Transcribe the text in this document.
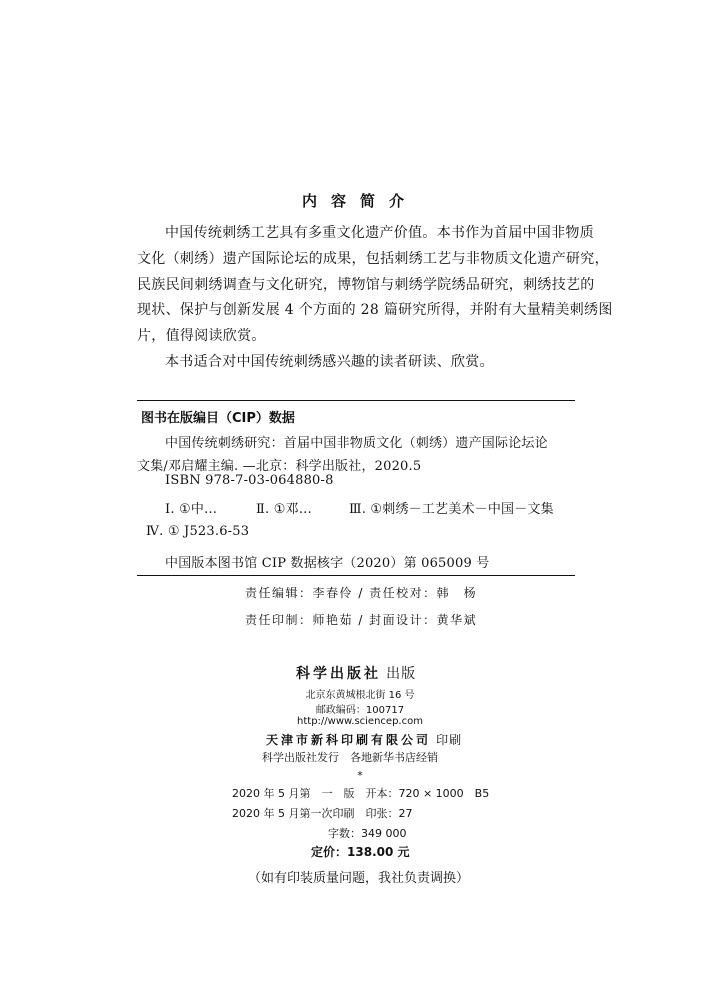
内容简介
中国传统刺绣工艺具有多重文化遗产价值。本书作为首届中国非物质
文化（刺绣）遗产国际论坛的成果，包括刺绣工艺与非物质文化遗产研究，
民族民间刺绣调查与文化研究，博物馆与刺绣学院绣品研究，刺绣技艺的
现状、保护与创新发展 4 个方面的 28 篇研究所得，并附有大量精美刺绣图
片，值得阅读欣赏。
本书适合对中国传统刺绣感兴趣的读者研读、欣赏。
图书在版编目（CIP）数据
中国传统刺绣研究：首届中国非物质文化（刺绣）遗产国际论坛论
文集/邓启耀主编. —北京：科学出版社，2020.5
ISBN 978-7-03-064880-8
Ⅰ. ①中…	Ⅱ. ①邓…	Ⅲ. ①刺绣－工艺美术－中国－文集
Ⅳ. ① J523.6-53
中国版本图书馆 CIP 数据核字（2020）第 065009 号
责任编辑：李春伶 / 责任校对：韩　杨
责任印制：师艳茹 / 封面设计：黄华斌
科学出版社 出版
北京东黄城根北街 16 号
邮政编码：100717
http://www.sciencep.com
天津市新科印刷有限公司 印刷
科学出版社发行　各地新华书店经销
*
2020 年 5 月第　一　版　开本：720 × 1000　B5
2020 年 5 月第一次印刷　印张：27
字数：349 000
定价：138.00 元
（如有印装质量问题，我社负责调换）
